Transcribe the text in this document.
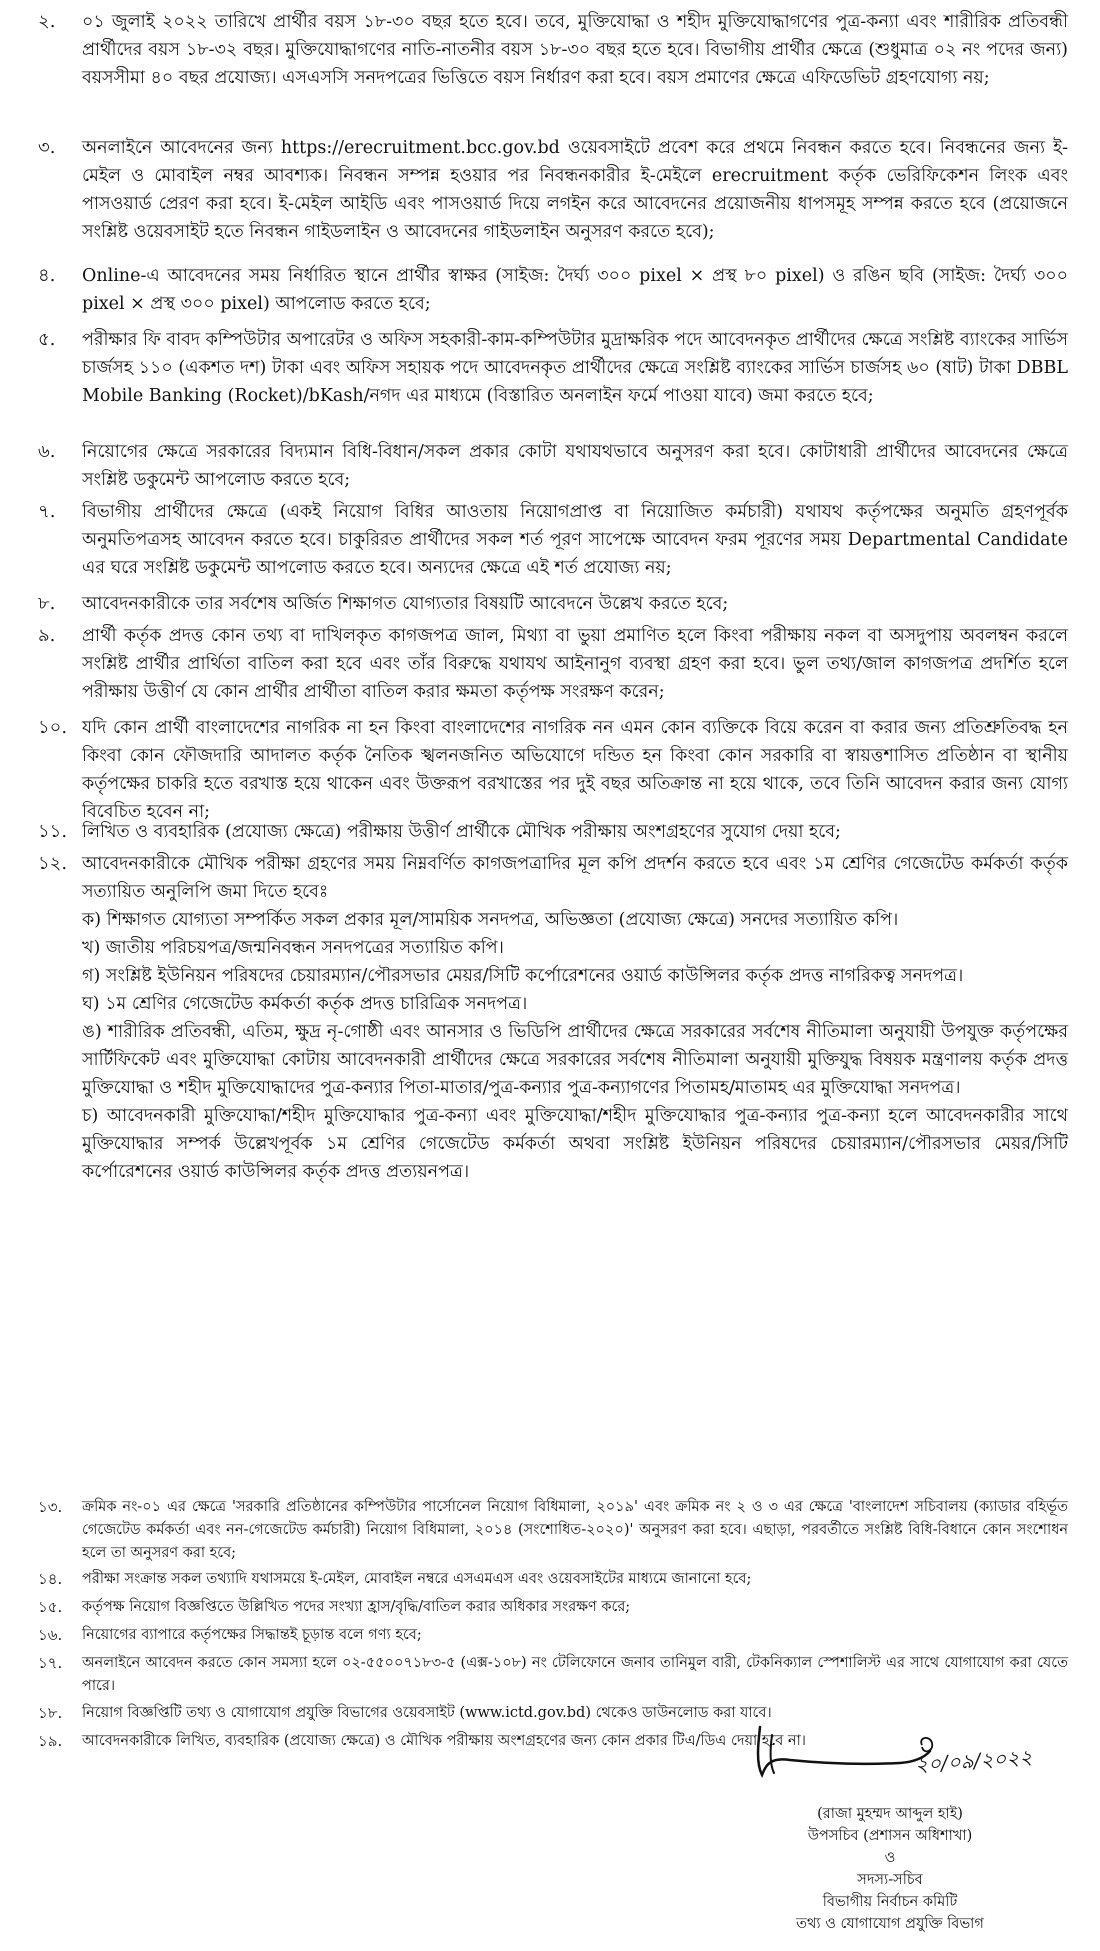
২.	০১ জুলাই ২০২২ তারিখে প্রার্থীর বয়স ১৮-৩০ বছর হতে হবে। তবে, মুক্তিযোদ্ধা ও শহীদ মুক্তিযোদ্ধাগণের পুত্র-কন্যা এবং শারীরিক প্রতিবন্ধী প্রার্থীদের বয়স ১৮-৩২ বছর। মুক্তিযোদ্ধাগণের নাতি-নাতনীর বয়স ১৮-৩০ বছর হতে হবে। বিভাগীয় প্রার্থীর ক্ষেত্রে (শুধুমাত্র ০২ নং পদের জন্য) বয়সসীমা ৪০ বছর প্রযোজ্য। এসএসসি সনদপত্রের ভিত্তিতে বয়স নির্ধারণ করা হবে। বয়স প্রমাণের ক্ষেত্রে এফিডেভিট গ্রহণযোগ্য নয়;
৩.	অনলাইনে আবেদনের জন্য https://erecruitment.bcc.gov.bd ওয়েবসাইটে প্রবেশ করে প্রথমে নিবন্ধন করতে হবে। নিবন্ধনের জন্য ই-মেইল ও মোবাইল নম্বর আবশ্যক। নিবন্ধন সম্পন্ন হওয়ার পর নিবন্ধনকারীর ই-মেইলে erecruitment কর্তৃক ভেরিফিকেশন লিংক এবং পাসওয়ার্ড প্রেরণ করা হবে। ই-মেইল আইডি এবং পাসওয়ার্ড দিয়ে লগইন করে আবেদনের প্রয়োজনীয় ধাপসমূহ সম্পন্ন করতে হবে (প্রয়োজনে সংশ্লিষ্ট ওয়েবসাইট হতে নিবন্ধন গাইডলাইন ও আবেদনের গাইডলাইন অনুসরণ করতে হবে);
৪.	Online-এ আবেদনের সময় নির্ধারিত স্থানে প্রার্থীর স্বাক্ষর (সাইজ: দৈর্ঘ্য ৩০০ pixel × প্রস্থ ৮০ pixel) ও রঙিন ছবি (সাইজ: দৈর্ঘ্য ৩০০ pixel × প্রস্থ ৩০০ pixel) আপলোড করতে হবে;
৫.	পরীক্ষার ফি বাবদ কম্পিউটার অপারেটর ও অফিস সহকারী-কাম-কম্পিউটার মুদ্রাক্ষরিক পদে আবেদনকৃত প্রার্থীদের ক্ষেত্রে সংশ্লিষ্ট ব্যাংকের সার্ভিস চার্জসহ ১১০ (একশত দশ) টাকা এবং অফিস সহায়ক পদে আবেদনকৃত প্রার্থীদের ক্ষেত্রে সংশ্লিষ্ট ব্যাংকের সার্ভিস চার্জসহ ৬০ (ষাট) টাকা DBBL Mobile Banking (Rocket)/bKash/নগদ এর মাধ্যমে (বিস্তারিত অনলাইন ফর্মে পাওয়া যাবে) জমা করতে হবে;
৬.	নিয়োগের ক্ষেত্রে সরকারের বিদ্যমান বিধি-বিধান/সকল প্রকার কোটা যথাযথভাবে অনুসরণ করা হবে। কোটাধারী প্রার্থীদের আবেদনের ক্ষেত্রে সংশ্লিষ্ট ডকুমেন্ট আপলোড করতে হবে;
৭.	বিভাগীয় প্রার্থীদের ক্ষেত্রে (একই নিয়োগ বিধির আওতায় নিয়োগপ্রাপ্ত বা নিয়োজিত কর্মচারী) যথাযথ কর্তৃপক্ষের অনুমতি গ্রহণপূর্বক অনুমতিপত্রসহ আবেদন করতে হবে। চাকুরিরত প্রার্থীদের সকল শর্ত পূরণ সাপেক্ষে আবেদন ফরম পূরণের সময় Departmental Candidate এর ঘরে সংশ্লিষ্ট ডকুমেন্ট আপলোড করতে হবে। অন্যদের ক্ষেত্রে এই শর্ত প্রযোজ্য নয়;
৮.	আবেদনকারীকে তার সর্বশেষ অর্জিত শিক্ষাগত যোগ্যতার বিষয়টি আবেদনে উল্লেখ করতে হবে;
৯.	প্রার্থী কর্তৃক প্রদত্ত কোন তথ্য বা দাখিলকৃত কাগজপত্র জাল, মিথ্যা বা ভুয়া প্রমাণিত হলে কিংবা পরীক্ষায় নকল বা অসদুপায় অবলম্বন করলে সংশ্লিষ্ট প্রার্থীর প্রার্থিতা বাতিল করা হবে এবং তাঁর বিরুদ্ধে যথাযথ আইনানুগ ব্যবস্থা গ্রহণ করা হবে। ভুল তথ্য/জাল কাগজপত্র প্রদর্শিত হলে পরীক্ষায় উত্তীর্ণ যে কোন প্রার্থীর প্রার্থীতা বাতিল করার ক্ষমতা কর্তৃপক্ষ সংরক্ষণ করেন;
১০. যদি কোন প্রার্থী বাংলাদেশের নাগরিক না হন কিংবা বাংলাদেশের নাগরিক নন এমন কোন ব্যক্তিকে বিয়ে করেন বা করার জন্য প্রতিশ্রুতিবদ্ধ হন কিংবা কোন ফৌজদারি আদালত কর্তৃক নৈতিক স্খলনজনিত অভিযোগে দন্ডিত হন কিংবা কোন সরকারি বা স্বায়ত্তশাসিত প্রতিষ্ঠান বা স্থানীয় কর্তৃপক্ষের চাকরি হতে বরখাস্ত হয়ে থাকেন এবং উক্তরূপ বরখাস্তের পর দুই বছর অতিক্রান্ত না হয়ে থাকে, তবে তিনি আবেদন করার জন্য যোগ্য বিবেচিত হবেন না;
১১. লিখিত ও ব্যবহারিক (প্রযোজ্য ক্ষেত্রে) পরীক্ষায় উত্তীর্ণ প্রার্থীকে মৌখিক পরীক্ষায় অংশগ্রহণের সুযোগ দেয়া হবে;
১২. আবেদনকারীকে মৌখিক পরীক্ষা গ্রহণের সময় নিম্নবর্ণিত কাগজপত্রাদির মূল কপি প্রদর্শন করতে হবে এবং ১ম শ্রেণির গেজেটেড কর্মকর্তা কর্তৃক সত্যায়িত অনুলিপি জমা দিতে হবেঃ
ক) শিক্ষাগত যোগ্যতা সম্পর্কিত সকল প্রকার মূল/সাময়িক সনদপত্র, অভিজ্ঞতা (প্রযোজ্য ক্ষেত্রে) সনদের সত্যায়িত কপি।
খ) জাতীয় পরিচয়পত্র/জন্মনিবন্ধন সনদপত্রের সত্যায়িত কপি।
গ) সংশ্লিষ্ট ইউনিয়ন পরিষদের চেয়ারম্যান/পৌরসভার মেয়র/সিটি কর্পোরেশনের ওয়ার্ড কাউন্সিলর কর্তৃক প্রদত্ত নাগরিকত্ব সনদপত্র।
ঘ) ১ম শ্রেণির গেজেটেড কর্মকর্তা কর্তৃক প্রদত্ত চারিত্রিক সনদপত্র।
ঙ) শারীরিক প্রতিবন্ধী, এতিম, ক্ষুদ্র নৃ-গোষ্ঠী এবং আনসার ও ভিডিপি প্রার্থীদের ক্ষেত্রে সরকারের সর্বশেষ নীতিমালা অনুযায়ী উপযুক্ত কর্তৃপক্ষের সার্টিফিকেট এবং মুক্তিযোদ্ধা কোটায় আবেদনকারী প্রার্থীদের ক্ষেত্রে সরকারের সর্বশেষ নীতিমালা অনুযায়ী মুক্তিযুদ্ধ বিষয়ক মন্ত্রণালয় কর্তৃক প্রদত্ত মুক্তিযোদ্ধা ও শহীদ মুক্তিযোদ্ধাদের পুত্র-কন্যার পিতা-মাতার/পুত্র-কন্যার পুত্র-কন্যাগণের পিতামহ/মাতামহ এর মুক্তিযোদ্ধা সনদপত্র।
চ) আবেদনকারী মুক্তিযোদ্ধা/শহীদ মুক্তিযোদ্ধার পুত্র-কন্যা এবং মুক্তিযোদ্ধা/শহীদ মুক্তিযোদ্ধার পুত্র-কন্যার পুত্র-কন্যা হলে আবেদনকারীর সাথে মুক্তিযোদ্ধার সম্পর্ক উল্লেখপূর্বক ১ম শ্রেণির গেজেটেড কর্মকর্তা অথবা সংশ্লিষ্ট ইউনিয়ন পরিষদের চেয়ারম্যান/পৌরসভার মেয়র/সিটি কর্পোরেশনের ওয়ার্ড কাউন্সিলর কর্তৃক প্রদত্ত প্রত্যয়নপত্র।
১৩.	ক্রমিক নং-০১ এর ক্ষেত্রে 'সরকারি প্রতিষ্ঠানের কম্পিউটার পার্সোনেল নিয়োগ বিধিমালা, ২০১৯' এবং ক্রমিক নং ২ ও ৩ এর ক্ষেত্রে 'বাংলাদেশ সচিবালয় (ক্যাডার বহির্ভূত গেজেটেড কর্মকর্তা এবং নন-গেজেটেড কর্মচারী) নিয়োগ বিধিমালা, ২০১৪ (সংশোধিত-২০২০)' অনুসরণ করা হবে। এছাড়া, পরবর্তীতে সংশ্লিষ্ট বিধি-বিধানে কোন সংশোধন হলে তা অনুসরণ করা হবে;
১৪.	পরীক্ষা সংক্রান্ত সকল তথ্যাদি যথাসময়ে ই-মেইল, মোবাইল নম্বরে এসএমএস এবং ওয়েবসাইটের মাধ্যমে জানানো হবে;
১৫.	কর্তৃপক্ষ নিয়োগ বিজ্ঞপ্তিতে উল্লিখিত পদের সংখ্যা হ্রাস/বৃদ্ধি/বাতিল করার অধিকার সংরক্ষণ করে;
১৬.	নিয়োগের ব্যাপারে কর্তৃপক্ষের সিদ্ধান্তই চূড়ান্ত বলে গণ্য হবে;
১৭.	অনলাইনে আবেদন করতে কোন সমস্যা হলে ০২-৫৫০০৭১৮৩-৫ (এক্স-১০৮) নং টেলিফোনে জনাব তানিমুল বারী, টেকনিক্যাল স্পেশালিস্ট এর সাথে যোগাযোগ করা যেতে পারে।
১৮.	নিয়োগ বিজ্ঞপ্তিটি তথ্য ও যোগাযোগ প্রযুক্তি বিভাগের ওয়েবসাইট (www.ictd.gov.bd) থেকেও ডাউনলোড করা যাবে।
১৯.	আবেদনকারীকে লিখিত, ব্যবহারিক (প্রযোজ্য ক্ষেত্রে) ও মৌখিক পরীক্ষায় অংশগ্রহণের জন্য কোন প্রকার টিএ/ডিএ দেয়া হবে না।
২০/০৯/২০২২
(রাজা মুহম্মদ আব্দুল হাই)
উপসচিব (প্রশাসন অধিশাখা)
ও
সদস্য-সচিব
বিভাগীয় নির্বাচন কমিটি
তথ্য ও যোগাযোগ প্রযুক্তি বিভাগ
